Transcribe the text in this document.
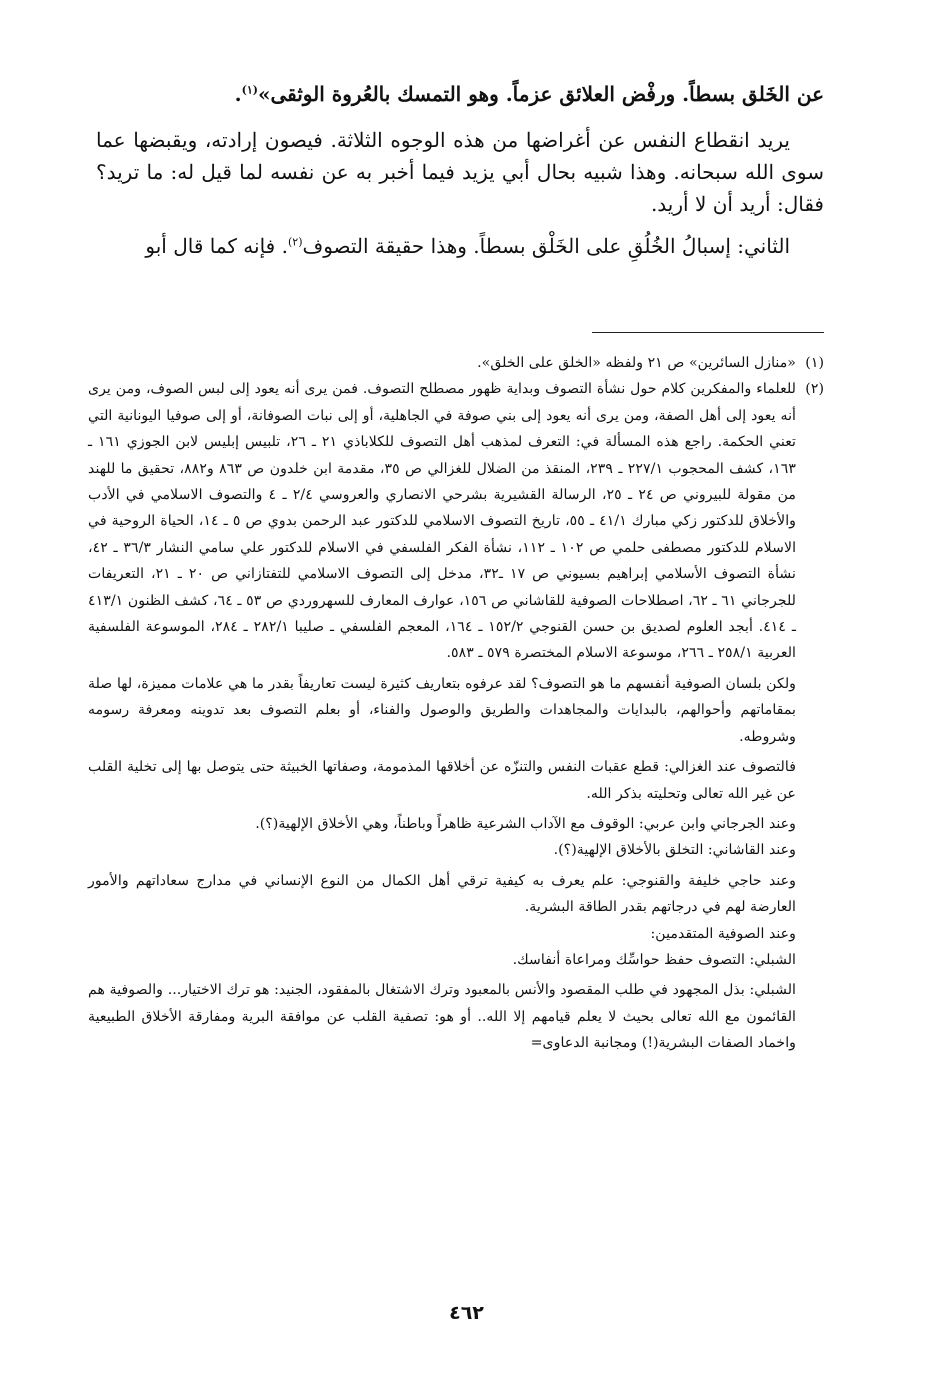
عن الخَلق بسطاً. ورفْض العلائق عزماً. وهو التمسك بالعُروة الوثقى»$^{(١)}$.

يريد انقطاع النفس عن أغراضها من هذه الوجوه الثلاثة. فيصون إرادته، ويقبضها عما سوى الله سبحانه. وهذا شبيه بحال أبي يزيد فيما أخبر به عن نفسه لما قيل له: ما تريد؟ فقال: أريد أن لا أريد.

الثاني: إسبالُ الخُلُقِ على الخَلْق بسطاً. وهذا حقيقة التصوف$^{(٢)}$. فإنه كما قال أبو

(١)

«منازل السائرين» ص ٢١ ولفظه «الخلق على الخلق».

(٢)

للعلماء والمفكرين كلام حول نشأة التصوف وبداية ظهور مصطلح التصوف. فمن يرى أنه يعود إلى لبس الصوف، ومن يرى أنه يعود إلى أهل الصفة، ومن يرى أنه يعود إلى بني صوفة في الجاهلية، أو إلى نبات الصوفانة، أو إلى صوفيا اليونانية التي تعني الحكمة. راجع هذه المسألة في: التعرف لمذهب أهل التصوف للكلاباذي ٢١ ـ ٢٦، تلبيس إبليس لابن الجوزي ١٦١ ـ ١٦٣، كشف المحجوب ٢٢٧/١ ـ ٢٣٩، المنقذ من الضلال للغزالي ص ٣٥، مقدمة ابن خلدون ص ٨٦٣ و٨٨٢، تحقيق ما للهند من مقولة للبيروني ص ٢٤ ـ ٢٥، الرسالة القشيرية بشرحي الانصاري والعروسي ٢/٤ ـ ٤ والتصوف الاسلامي في الأدب والأخلاق للدكتور زكي مبارك ٤١/١ ـ ٥٥، تاريخ التصوف الاسلامي للدكتور عبد الرحمن بدوي ص ٥ ـ ١٤، الحياة الروحية في الاسلام للدكتور مصطفى حلمي ص ١٠٢ ـ ١١٢، نشأة الفكر الفلسفي في الاسلام للدكتور علي سامي النشار ٣٦/٣ ـ ٤٢، نشأة التصوف الأسلامي إبراهيم بسيوني ص ١٧ ـ٣٢، مدخل إلى التصوف الاسلامي للتفتازاني ص ٢٠ ـ ٢١، التعريفات للجرجاني ٦١ ـ ٦٢، اصطلاحات الصوفية للقاشاني ص ١٥٦، عوارف المعارف للسهروردي ص ٥٣ ـ ٦٤، كشف الظنون ٤١٣/١ ـ ٤١٤. أبجد العلوم لصديق بن حسن القنوجي ١٥٢/٢ ـ ١٦٤، المعجم الفلسفي ـ صليبا ٢٨٢/١ ـ ٢٨٤، الموسوعة الفلسفية العربية ٢٥٨/١ ـ ٢٦٦، موسوعة الاسلام المختصرة ٥٧٩ ـ ٥٨٣.

ولكن بلسان الصوفية أنفسهم ما هو التصوف؟ لقد عرفوه بتعاريف كثيرة ليست تعاريفاً بقدر ما هي علامات مميزة، لها صلة بمقاماتهم وأحوالهم، بالبدايات والمجاهدات والطريق والوصول والفناء، أو بعلم التصوف بعد تدوينه ومعرفة رسومه وشروطه.

فالتصوف عند الغزالي: قطع عقبات النفس والتنزّه عن أخلاقها المذمومة، وصفاتها الخبيثة حتى يتوصل بها إلى تخلية القلب عن غير الله تعالى وتحليته بذكر الله.

وعند الجرجاني وابن عربي: الوقوف مع الآداب الشرعية ظاهراً وباطناً، وهي الأخلاق الإلهية(؟).

وعند القاشاني: التخلق بالأخلاق الإلهية(؟).

وعند حاجي خليفة والقنوجي: علم يعرف به كيفية ترقي أهل الكمال من النوع الإنساني في مدارج سعاداتهم والأمور العارضة لهم في درجاتهم بقدر الطاقة البشرية.

وعند الصوفية المتقدمين:

الشبلي: التصوف حفظ حواسِّك ومراعاة أنفاسك.

الشبلي: بذل المجهود في طلب المقصود والأنس بالمعبود وترك الاشتغال بالمفقود، الجنيد: هو ترك الاختيار... والصوفية هم القائمون مع الله تعالى بحيث لا يعلم قيامهم إلا الله.. أو هو: تصفية القلب عن موافقة البرية ومفارقة الأخلاق الطبيعية واخماد الصفات البشرية(!) ومجانبة الدعاوى=

٤٦٢
